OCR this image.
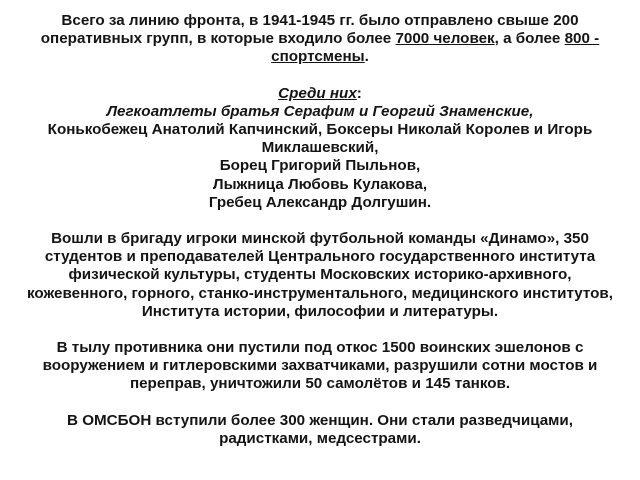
Всего за линию фронта, в 1941-1945 гг. было отправлено свыше 200 оперативных групп, в которые входило более 7000 человек, а более 800 - спортсмены.

Среди них:

Легкоатлеты братья Серафим и Георгий Знаменские,

Конькобежец Анатолий Капчинский, Боксеры Николай Королев и Игорь Миклашевский,

Борец Григорий Пыльнов,

Лыжница Любовь Кулакова,

Гребец Александр Долгушин.

Вошли в бригаду игроки минской футбольной команды «Динамо», 350 студентов и преподавателей Центрального государственного института физической культуры, студенты Московских историко-архивного, кожевенного, горного, станко-инструментального, медицинского институтов, Института истории, философии и литературы.

В тылу противника они пустили под откос 1500 воинских эшелонов с вооружением и гитлеровскими захватчиками, разрушили сотни мостов и переправ, уничтожили 50 самолётов и 145 танков.

В ОМСБОН вступили более 300 женщин. Они стали разведчицами, радистками, медсестрами.
